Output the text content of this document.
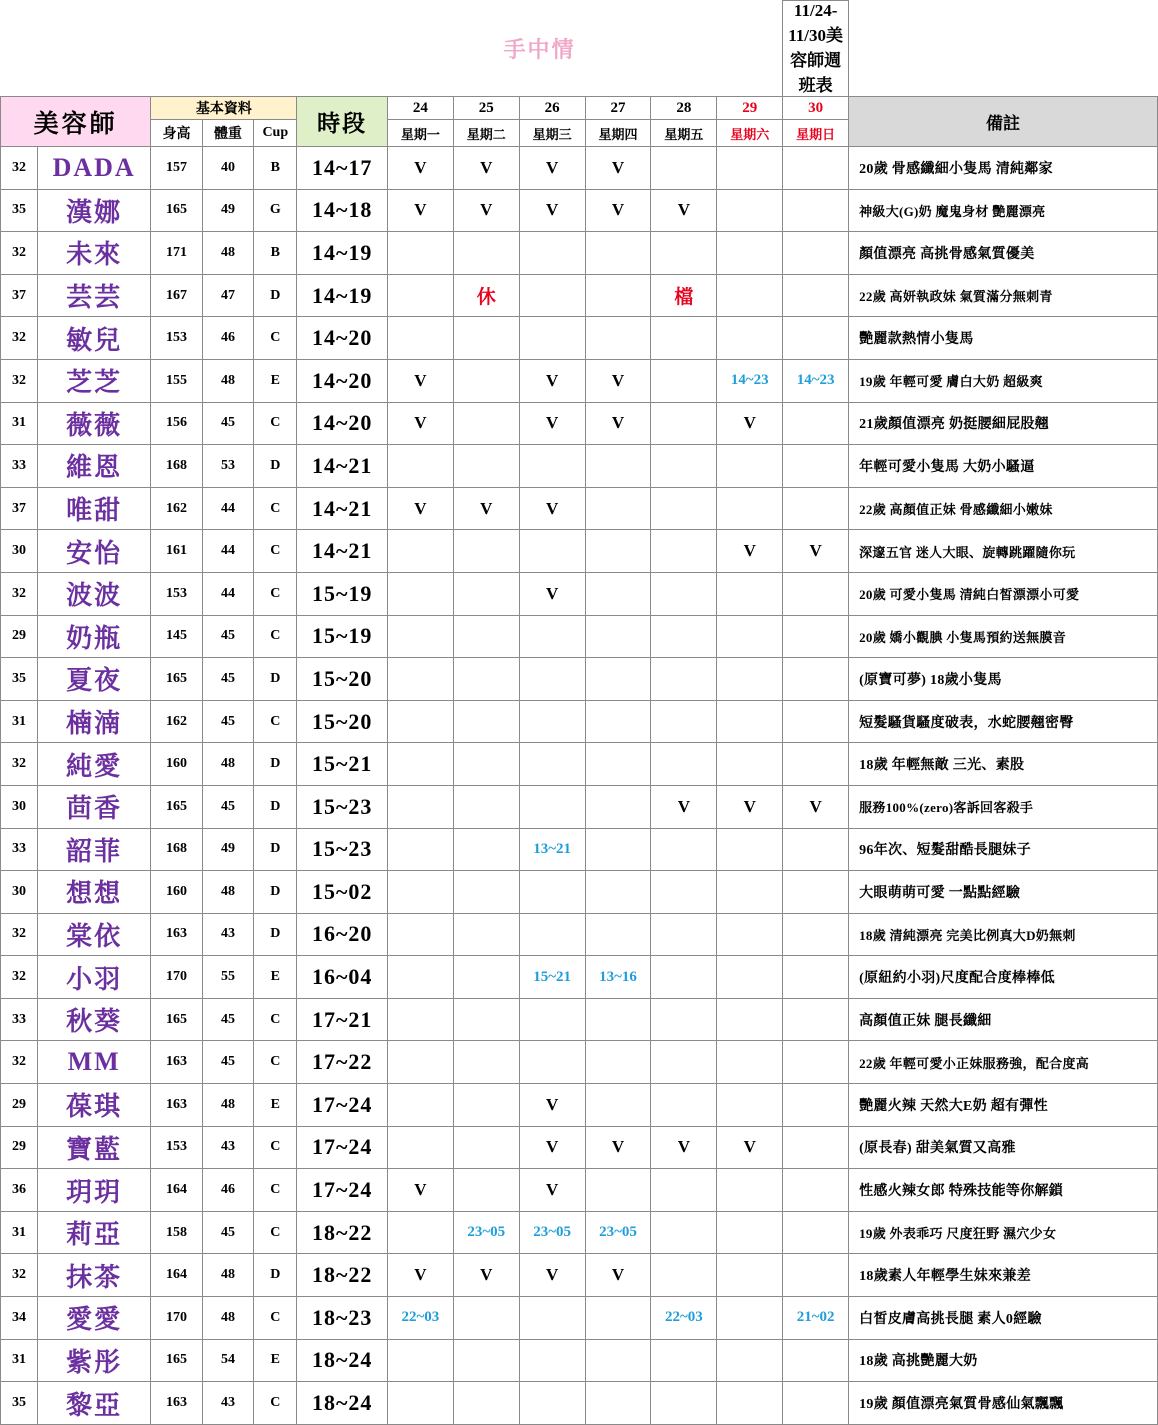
					手中情							11/24-11/30美容師週班表	
美容師		基本資料			時段	24	25	26	27	28	29	30	備註
		身高	體重	Cup		星期一	星期二	星期三	星期四	星期五	星期六	星期日	
32	DADA	157	40	B	14~17	V	V	V	V				20歲 骨感纖細小隻馬 清純鄰家
35	漢娜	165	49	G	14~18	V	V	V	V	V			神級大(G)奶 魔鬼身材 艷麗漂亮
32	未來	171	48	B	14~19								顏值漂亮 高挑骨感氣質優美
37	芸芸	167	47	D	14~19		休			檔			22歲 高妍執政妹 氣質滿分無刺青
32	敏兒	153	46	C	14~20								艷麗款熱情小隻馬
32	芝芝	155	48	E	14~20	V		V	V		14~23	14~23	19歲 年輕可愛 膚白大奶 超級爽
31	薇薇	156	45	C	14~20	V		V	V		V		21歲顏值漂亮 奶挺腰細屁股翹
33	維恩	168	53	D	14~21								年輕可愛小隻馬 大奶小騷逼
37	唯甜	162	44	C	14~21	V	V	V					22歲 高顏值正妹 骨感纖細小嫩妹
30	安怡	161	44	C	14~21						V	V	深邃五官 迷人大眼、旋轉跳躍隨你玩
32	波波	153	44	C	15~19			V					20歲 可愛小隻馬 清純白皙漂漂小可愛
29	奶瓶	145	45	C	15~19								20歲 嬌小觀腆 小隻馬預約送無膜音
35	夏夜	165	45	D	15~20								(原寶可夢) 18歲小隻馬
31	楠湳	162	45	C	15~20								短髮騷貨騷度破表，水蛇腰翹密臀
32	純愛	160	48	D	15~21								18歲 年輕無敵 三光、素股
30	茴香	165	45	D	15~23					V	V	V	服務100%(zero)客訴回客殺手
33	韶菲	168	49	D	15~23			13~21					96年次、短髮甜酷長腿妹子
30	想想	160	48	D	15~02								大眼萌萌可愛 一點點經驗
32	棠依	163	43	D	16~20								18歲 清純漂亮 完美比例真大D奶無刺
32	小羽	170	55	E	16~04			15~21	13~16				(原紐約小羽)尺度配合度棒棒低
33	秋葵	165	45	C	17~21								高顏值正妹 腿長纖細
32	MM	163	45	C	17~22								22歲 年輕可愛小正妹服務強，配合度高
29	葆琪	163	48	E	17~24			V					艷麗火辣 天然大E奶 超有彈性
29	寶藍	153	43	C	17~24			V	V	V	V		(原長春) 甜美氣質又高雅
36	玥玥	164	46	C	17~24	V		V					性感火辣女郎 特殊技能等你解鎖
31	莉亞	158	45	C	18~22		23~05	23~05	23~05				19歲 外表乖巧 尺度狂野 濕穴少女
32	抹茶	164	48	D	18~22	V	V	V	V				18歲素人年輕學生妹來兼差
34	愛愛	170	48	C	18~23	22~03				22~03		21~02	白皙皮膚高挑長腿 素人0經驗
31	紫彤	165	54	E	18~24								18歲 高挑艷麗大奶
35	黎亞	163	43	C	18~24								19歲 顏值漂亮氣質骨感仙氣飄飄
